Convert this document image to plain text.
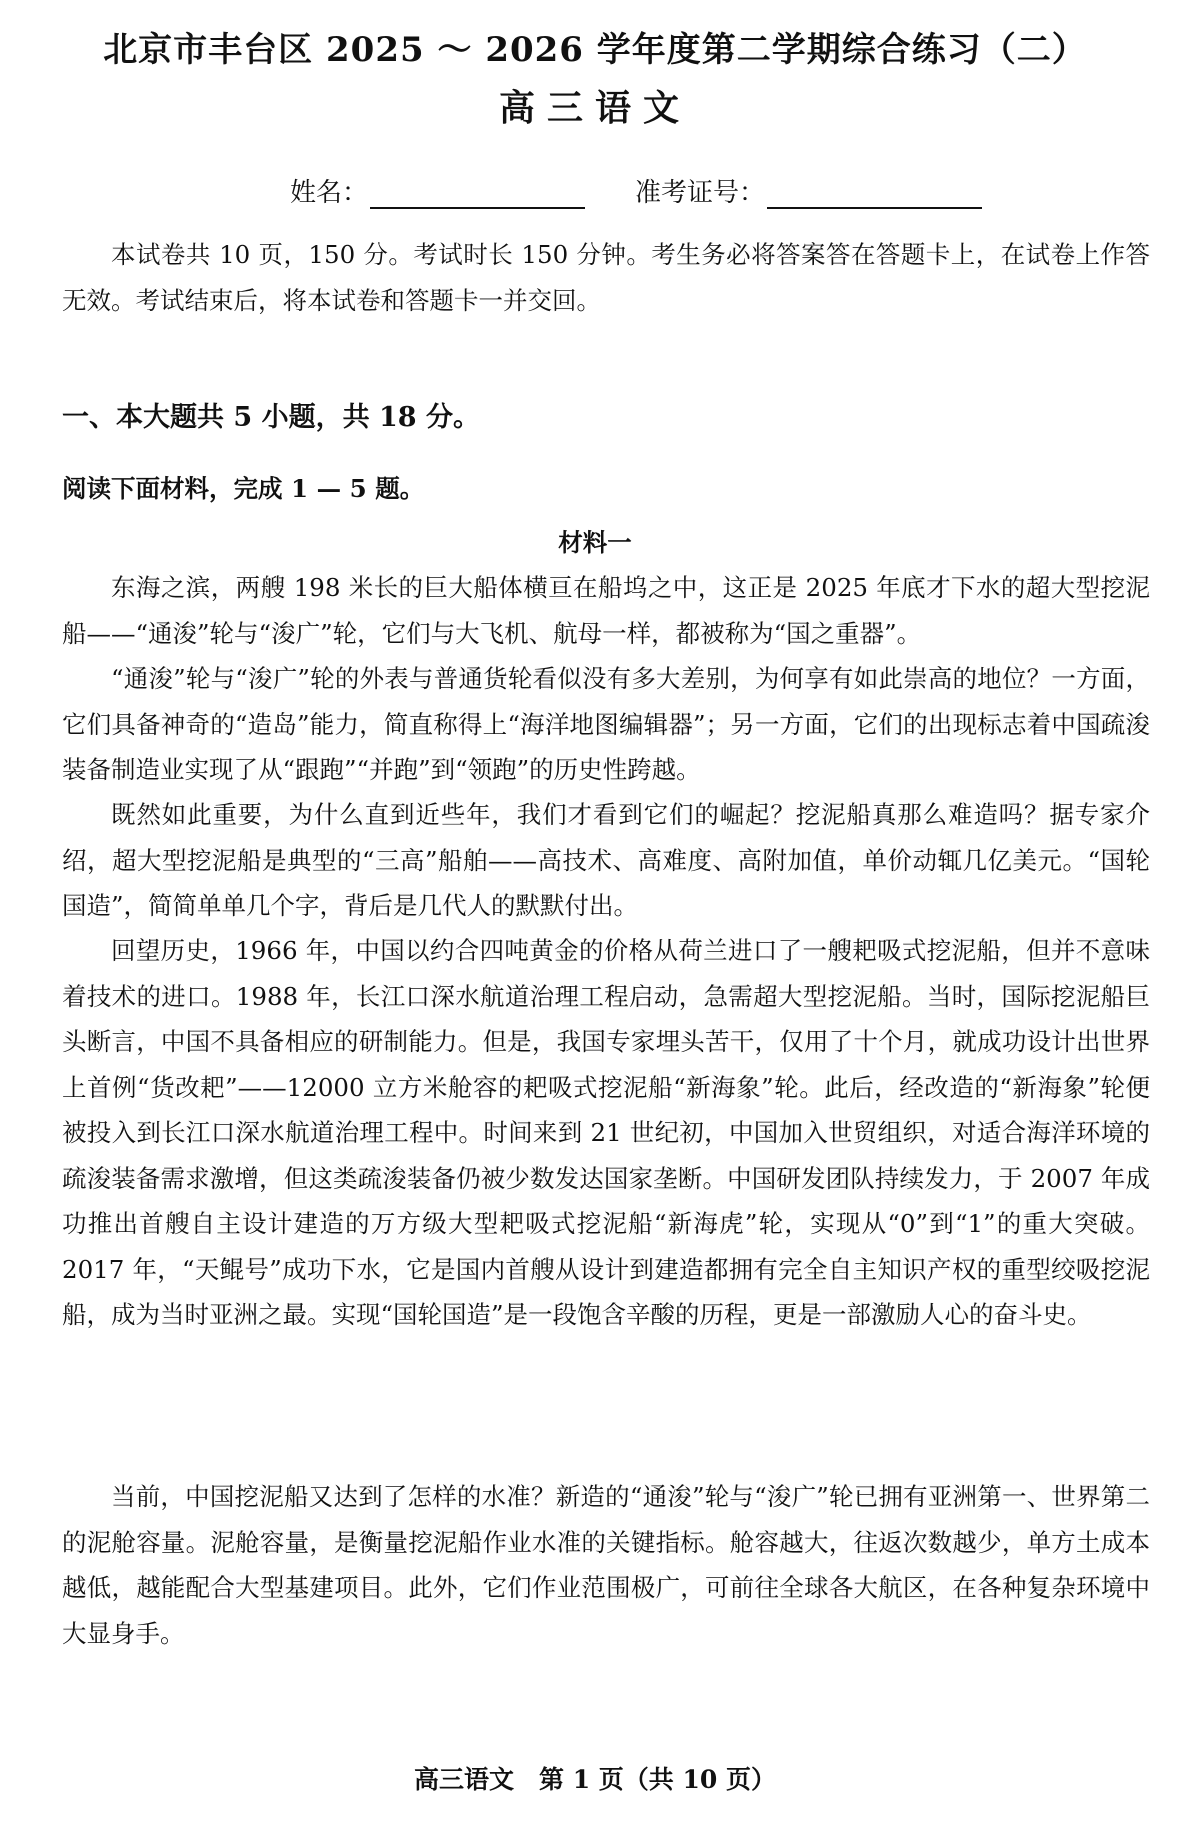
北京市丰台区 2025 ～ 2026 学年度第二学期综合练习（二）
高三语文
姓名：	准考证号：

本试卷共 10 页，150 分。考试时长 150 分钟。考生务必将答案答在答题卡上，在试卷上作答无效。考试结束后，将本试卷和答题卡一并交回。

一、本大题共 5 小题，共 18 分。
阅读下面材料，完成 1 — 5 题。
材料一

东海之滨，两艘 198 米长的巨大船体横亘在船坞之中，这正是 2025 年底才下水的超大型挖泥船——“通浚”轮与“浚广”轮，它们与大飞机、航母一样，都被称为“国之重器”。

“通浚”轮与“浚广”轮的外表与普通货轮看似没有多大差别，为何享有如此崇高的地位？一方面，它们具备神奇的“造岛”能力，简直称得上“海洋地图编辑器”；另一方面，它们的出现标志着中国疏浚装备制造业实现了从“跟跑”“并跑”到“领跑”的历史性跨越。

既然如此重要，为什么直到近些年，我们才看到它们的崛起？挖泥船真那么难造吗？据专家介绍，超大型挖泥船是典型的“三高”船舶——高技术、高难度、高附加值，单价动辄几亿美元。“国轮国造”，简简单单几个字，背后是几代人的默默付出。

回望历史，1966 年，中国以约合四吨黄金的价格从荷兰进口了一艘耙吸式挖泥船，但并不意味着技术的进口。1988 年，长江口深水航道治理工程启动，急需超大型挖泥船。当时，国际挖泥船巨头断言，中国不具备相应的研制能力。但是，我国专家埋头苦干，仅用了十个月，就成功设计出世界上首例“货改耙”——12000 立方米舱容的耙吸式挖泥船“新海象”轮。此后，经改造的“新海象”轮便被投入到长江口深水航道治理工程中。时间来到 21 世纪初，中国加入世贸组织，对适合海洋环境的疏浚装备需求激增，但这类疏浚装备仍被少数发达国家垄断。中国研发团队持续发力，于 2007 年成功推出首艘自主设计建造的万方级大型耙吸式挖泥船“新海虎”轮，实现从“0”到“1”的重大突破。2017 年，“天鲲号”成功下水，它是国内首艘从设计到建造都拥有完全自主知识产权的重型绞吸挖泥船，成为当时亚洲之最。实现“国轮国造”是一段饱含辛酸的历程，更是一部激励人心的奋斗史。

当前，中国挖泥船又达到了怎样的水准？新造的“通浚”轮与“浚广”轮已拥有亚洲第一、世界第二的泥舱容量。泥舱容量，是衡量挖泥船作业水准的关键指标。舱容越大，往返次数越少，单方土成本越低，越能配合大型基建项目。此外，它们作业范围极广，可前往全球各大航区，在各种复杂环境中大显身手。

高三语文　第 1 页（共 10 页）
